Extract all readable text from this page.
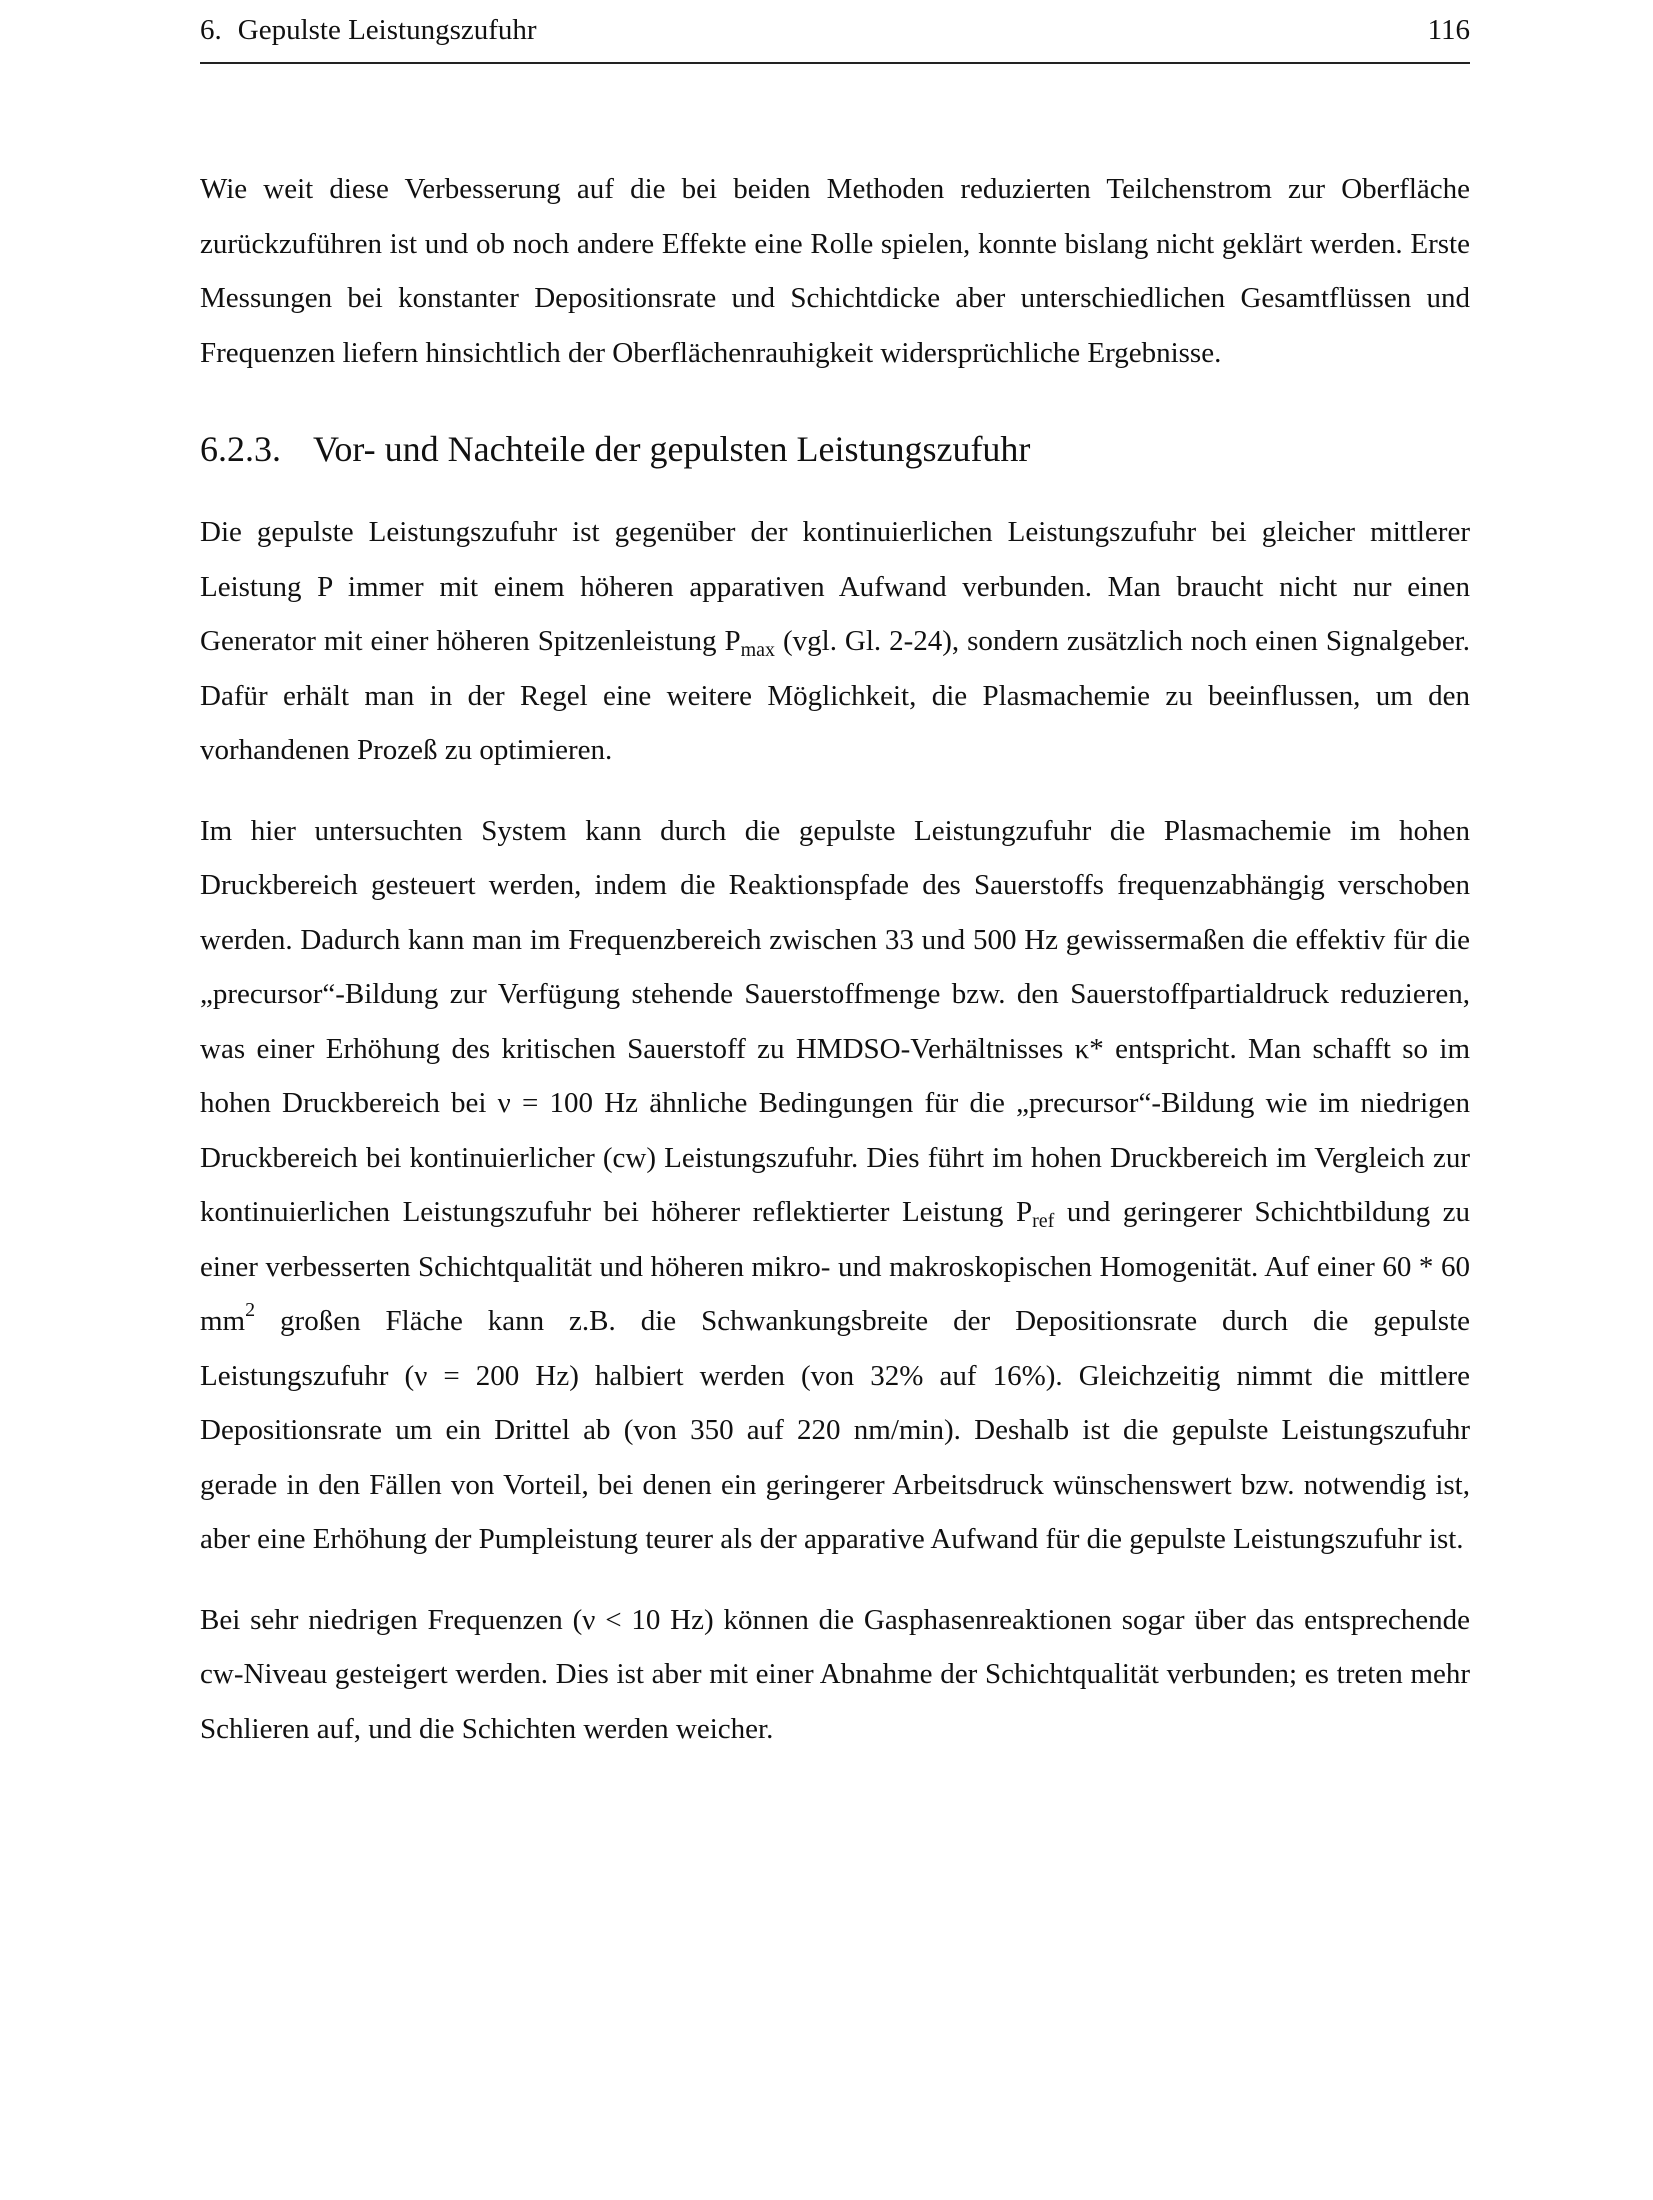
6. Gepulste Leistungszufuhr	116

Wie weit diese Verbesserung auf die bei beiden Methoden reduzierten Teilchenstrom zur Oberfläche zurückzuführen ist und ob noch andere Effekte eine Rolle spielen, konnte bislang nicht geklärt werden. Erste Messungen bei konstanter Depositionsrate und Schichtdicke aber unterschiedlichen Gesamtflüssen und Frequenzen liefern hinsichtlich der Oberflächenrauhigkeit widersprüchliche Ergebnisse.

6.2.3. Vor- und Nachteile der gepulsten Leistungszufuhr

Die gepulste Leistungszufuhr ist gegenüber der kontinuierlichen Leistungszufuhr bei gleicher mittlerer Leistung P immer mit einem höheren apparativen Aufwand verbunden. Man braucht nicht nur einen Generator mit einer höheren Spitzenleistung $P_{max}$ (vgl. Gl. 2-24), sondern zusätzlich noch einen Signalgeber. Dafür erhält man in der Regel eine weitere Möglichkeit, die Plasmachemie zu beeinflussen, um den vorhandenen Prozeß zu optimieren.

Im hier untersuchten System kann durch die gepulste Leistungzufuhr die Plasmachemie im hohen Druckbereich gesteuert werden, indem die Reaktionspfade des Sauerstoffs frequenzabhängig verschoben werden. Dadurch kann man im Frequenzbereich zwischen 33 und 500 Hz gewissermaßen die effektiv für die „precursor“-Bildung zur Verfügung stehende Sauerstoffmenge bzw. den Sauerstoffpartialdruck reduzieren, was einer Erhöhung des kritischen Sauerstoff zu HMDSO-Verhältnisses κ* entspricht. Man schafft so im hohen Druckbereich bei ν = 100 Hz ähnliche Bedingungen für die „precursor“-Bildung wie im niedrigen Druckbereich bei kontinuierlicher (cw) Leistungszufuhr. Dies führt im hohen Druckbereich im Vergleich zur kontinuierlichen Leistungszufuhr bei höherer reflektierter Leistung $P_{ref}$ und geringerer Schichtbildung zu einer verbesserten Schichtqualität und höheren mikro- und makroskopischen Homogenität. Auf einer 60 * 60 $mm^2$ großen Fläche kann z.B. die Schwankungsbreite der Depositionsrate durch die gepulste Leistungszufuhr (ν = 200 Hz) halbiert werden (von 32% auf 16%). Gleichzeitig nimmt die mittlere Depositionsrate um ein Drittel ab (von 350 auf 220 nm/min). Deshalb ist die gepulste Leistungszufuhr gerade in den Fällen von Vorteil, bei denen ein geringerer Arbeitsdruck wünschenswert bzw. notwendig ist, aber eine Erhöhung der Pumpleistung teurer als der apparative Aufwand für die gepulste Leistungszufuhr ist.

Bei sehr niedrigen Frequenzen (ν < 10 Hz) können die Gasphasenreaktionen sogar über das entsprechende cw-Niveau gesteigert werden. Dies ist aber mit einer Abnahme der Schichtqualität verbunden; es treten mehr Schlieren auf, und die Schichten werden weicher.
